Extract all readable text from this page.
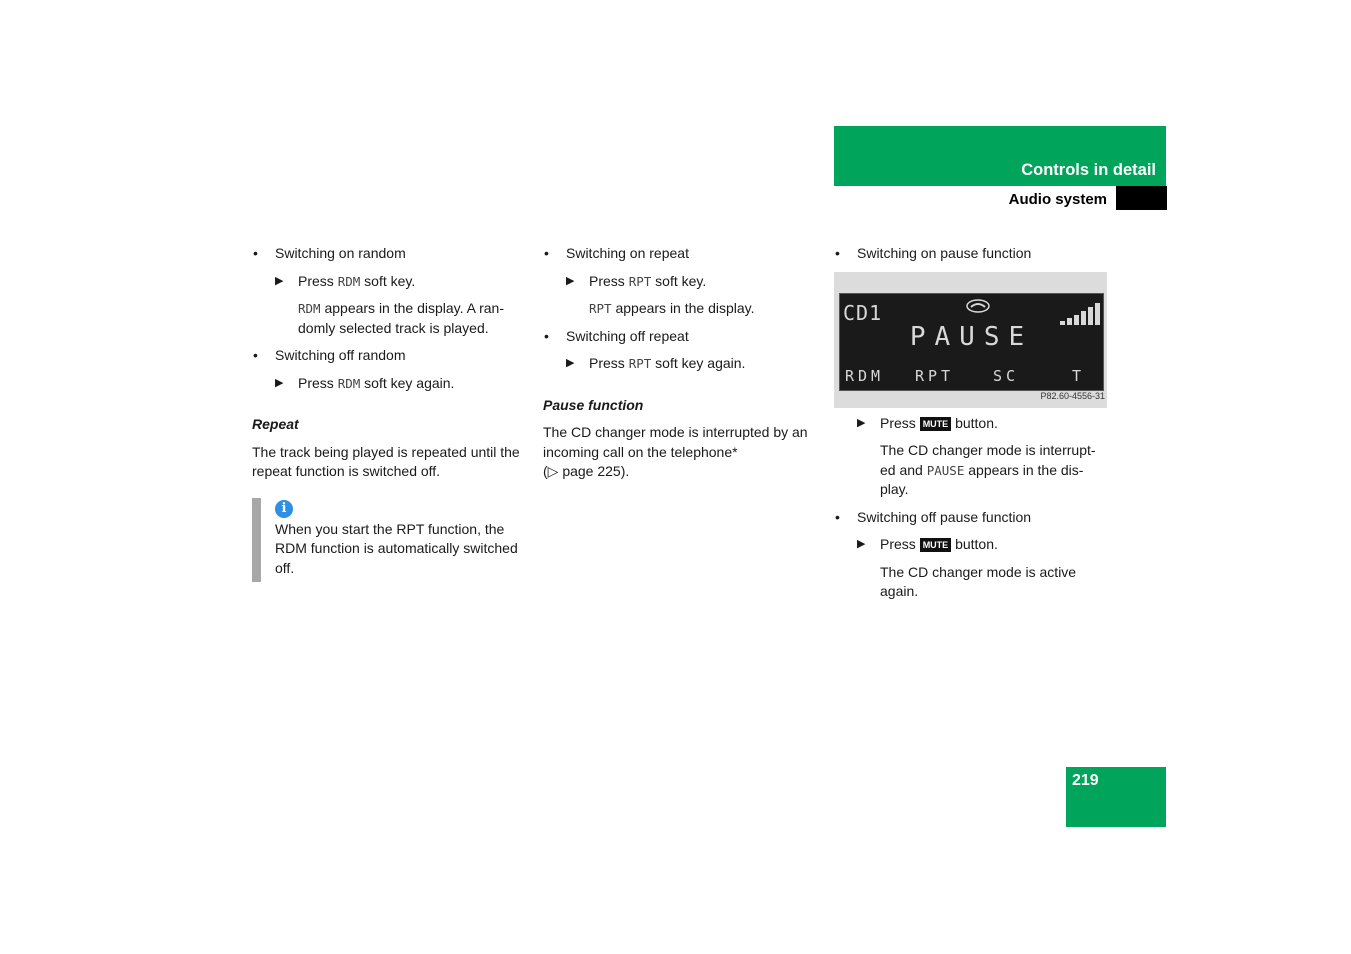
Controls in detail
Audio system
• Switching on random
▶ Press RDM soft key.
RDM appears in the display. A ran-domly selected track is played.
• Switching off random
▶ Press RDM soft key again.
Repeat
The track being played is repeated until the repeat function is switched off.
i
When you start the RPT function, the RDM function is automatically switched off.
• Switching on repeat
▶ Press RPT soft key.
RPT appears in the display.
• Switching off repeat
▶ Press RPT soft key again.
Pause function
The CD changer mode is interrupted by an incoming call on the telephone*
(▷ page 225).
• Switching on pause function
CD1
PAUSE
RDM RPT	SC	T
P82.60-4556-31
▶ Press MUTE button.
The CD changer mode is interrupt-ed and PAUSE appears in the dis-play.
• Switching off pause function
▶ Press MUTE button.
The CD changer mode is active again.
219
